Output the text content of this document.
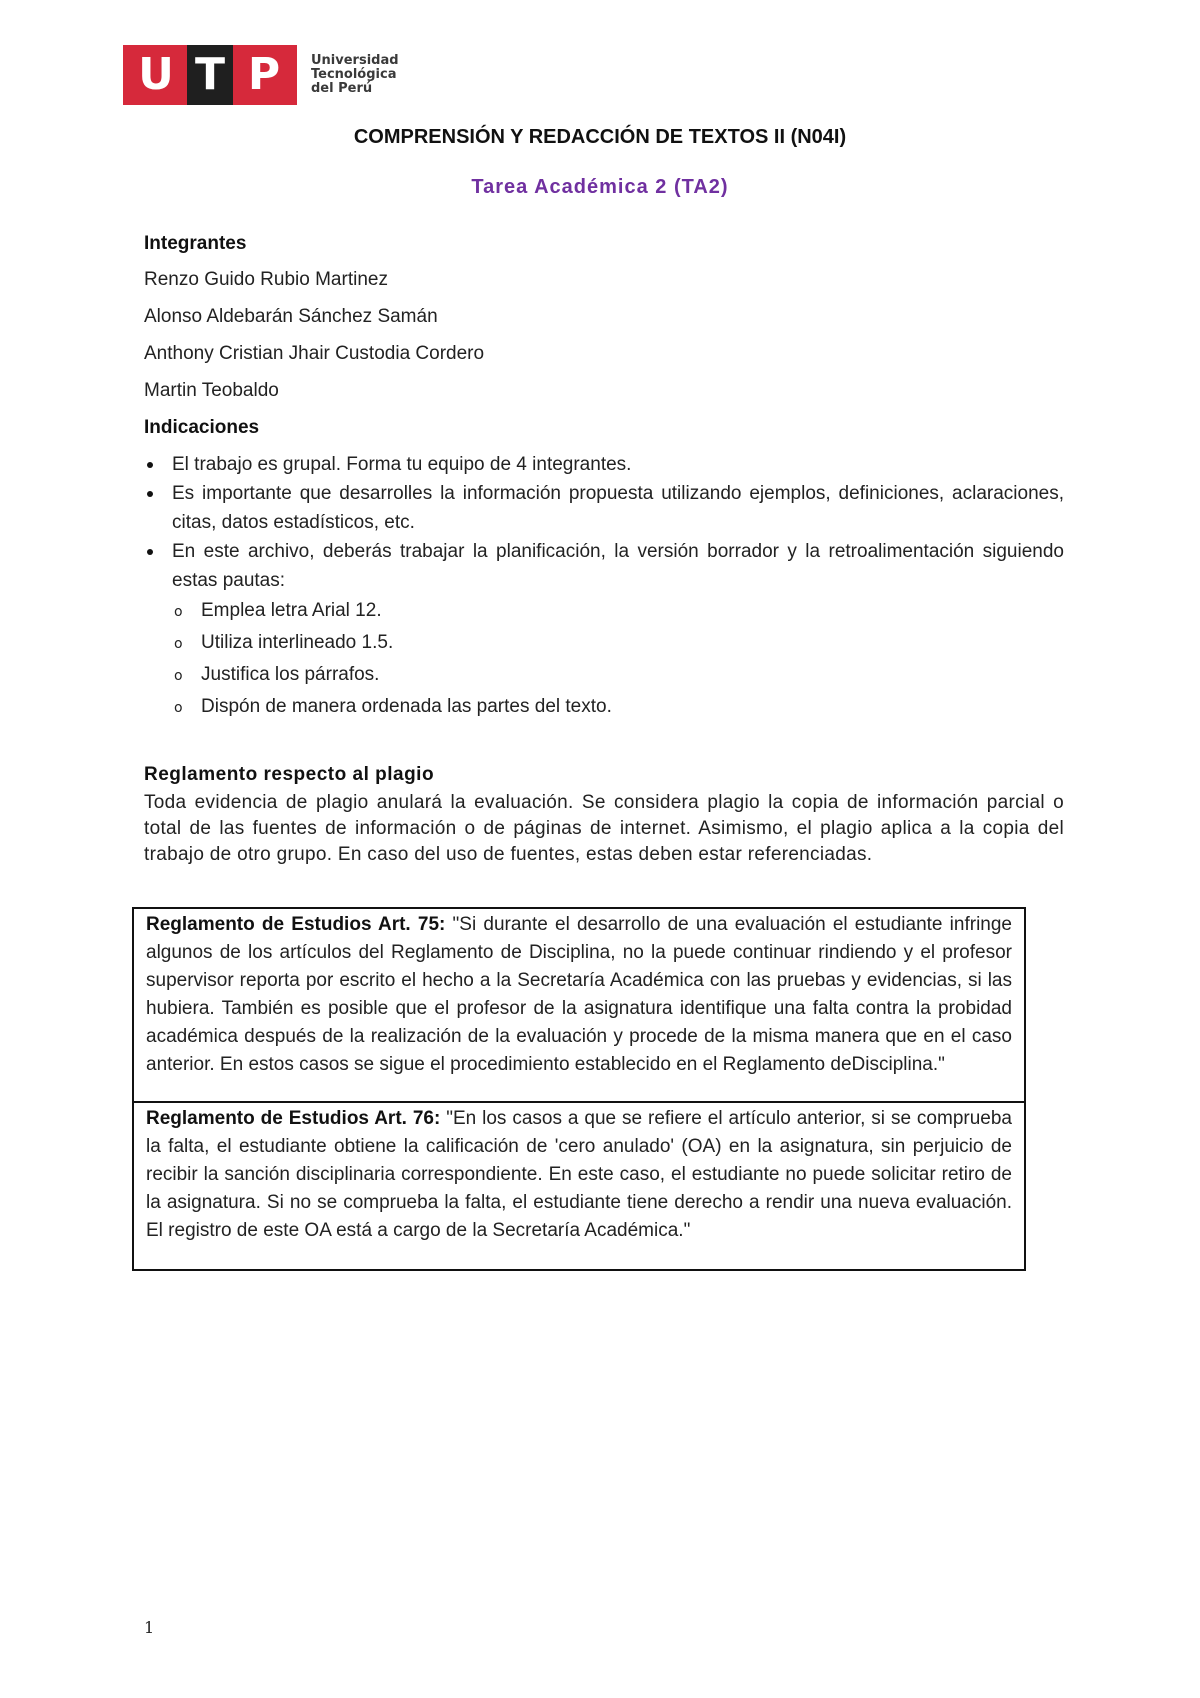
U T P	Universidad
Tecnológica
del Perú
COMPRENSIÓN Y REDACCIÓN DE TEXTOS II (N04I)
Tarea Académica 2 (TA2)
Integrantes
Renzo Guido Rubio Martinez
Alonso Aldebarán Sánchez Samán
Anthony Cristian Jhair Custodia Cordero
Martin Teobaldo
Indicaciones
El trabajo es grupal. Forma tu equipo de 4 integrantes.
Es importante que desarrolles la información propuesta utilizando ejemplos, definiciones, aclaraciones, citas, datos estadísticos, etc.
En este archivo, deberás trabajar la planificación, la versión borrador y la retroalimentación siguiendo estas pautas:
o Emplea letra Arial 12.
o Utiliza interlineado 1.5.
o Justifica los párrafos.
o Dispón de manera ordenada las partes del texto.
Reglamento respecto al plagio
Toda evidencia de plagio anulará la evaluación. Se considera plagio la copia de información parcial o total de las fuentes de información o de páginas de internet. Asimismo, el plagio aplica a la copia del trabajo de otro grupo. En caso del uso de fuentes, estas deben estar referenciadas.
Reglamento de Estudios Art. 75: "Si durante el desarrollo de una evaluación el estudiante infringe algunos de los artículos del Reglamento de Disciplina, no la puede continuar rindiendo y el profesor supervisor reporta por escrito el hecho a la Secretaría Académica con las pruebas y evidencias, si las hubiera. También es posible que el profesor de la asignatura identifique una falta contra la probidad académica después de la realización de la evaluación y procede de la misma manera que en el caso anterior. En estos casos se sigue el procedimiento establecido en el Reglamento deDisciplina."
Reglamento de Estudios Art. 76: "En los casos a que se refiere el artículo anterior, si se comprueba la falta, el estudiante obtiene la calificación de 'cero anulado' (OA) en la asignatura, sin perjuicio de recibir la sanción disciplinaria correspondiente. En este caso, el estudiante no puede solicitar retiro de la asignatura. Si no se comprueba la falta, el estudiante tiene derecho a rendir una nueva evaluación. El registro de este OA está a cargo de la Secretaría Académica."
1
